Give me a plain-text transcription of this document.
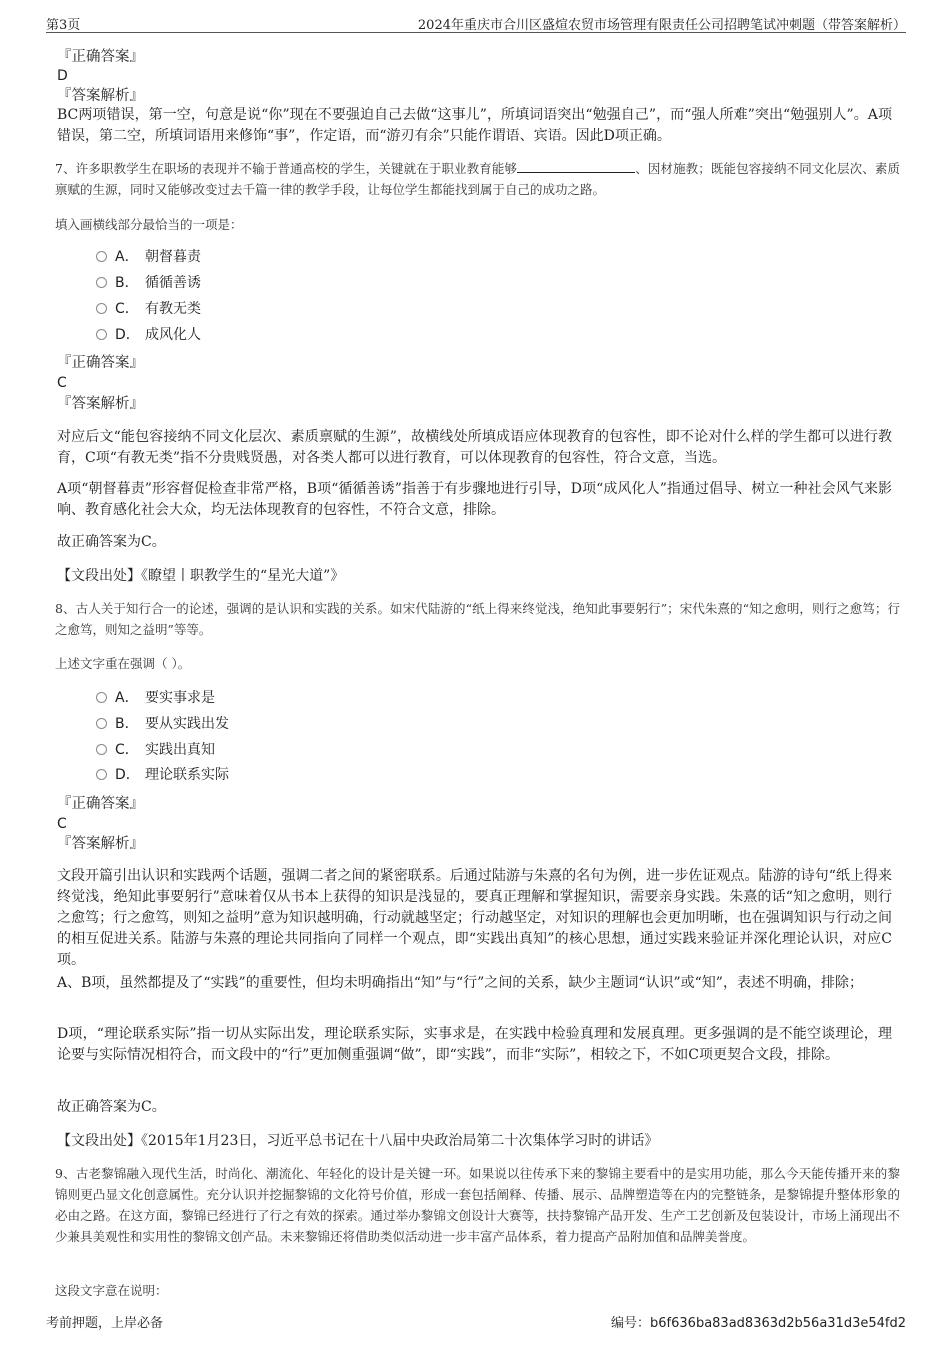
第3页	2024年重庆市合川区盛煊农贸市场管理有限责任公司招聘笔试冲刺题（带答案解析）
『正确答案』
D
『答案解析』
BC两项错误，第一空，句意是说“你”现在不要强迫自己去做“这事儿”，所填词语突出“勉强自己”，而“强人所难”突出“勉强别人”。A项错误，第二空，所填词语用来修饰“事”，作定语，而“游刃有余”只能作谓语、宾语。因此D项正确。
7、许多职教学生在职场的表现并不输于普通高校的学生，关键就在于职业教育能够	、因材施教；既能包容接纳不同文化层次、素质禀赋的生源，同时又能够改变过去千篇一律的教学手段，让每位学生都能找到属于自己的成功之路。
填入画横线部分最恰当的一项是：
A． 朝督暮责
B． 循循善诱
C． 有教无类
D． 成风化人
『正确答案』
C
『答案解析』
对应后文“能包容接纳不同文化层次、素质禀赋的生源”，故横线处所填成语应体现教育的包容性，即不论对什么样的学生都可以进行教育，C项“有教无类”指不分贵贱贤愚，对各类人都可以进行教育，可以体现教育的包容性，符合文意，当选。
A项“朝督暮责”形容督促检查非常严格，B项“循循善诱”指善于有步骤地进行引导，D项“成风化人”指通过倡导、树立一种社会风气来影响、教育感化社会大众，均无法体现教育的包容性，不符合文意，排除。
故正确答案为C。
【文段出处】《瞭望丨职教学生的“星光大道”》
8、古人关于知行合一的论述，强调的是认识和实践的关系。如宋代陆游的“纸上得来终觉浅，绝知此事要躬行”；宋代朱熹的“知之愈明，则行之愈笃；行之愈笃，则知之益明”等等。
上述文字重在强调（ ）。
A． 要实事求是
B． 要从实践出发
C． 实践出真知
D． 理论联系实际
『正确答案』
C
『答案解析』
文段开篇引出认识和实践两个话题，强调二者之间的紧密联系。后通过陆游与朱熹的名句为例，进一步佐证观点。陆游的诗句“纸上得来终觉浅，绝知此事要躬行”意味着仅从书本上获得的知识是浅显的，要真正理解和掌握知识，需要亲身实践。朱熹的话“知之愈明，则行之愈笃；行之愈笃，则知之益明”意为知识越明确，行动就越坚定；行动越坚定，对知识的理解也会更加明晰，也在强调知识与行动之间的相互促进关系。陆游与朱熹的理论共同指向了同样一个观点，即“实践出真知”的核心思想，通过实践来验证并深化理论认识，对应C项。
A、B项，虽然都提及了“实践”的重要性，但均未明确指出“知”与“行”之间的关系，缺少主题词“认识”或“知”，表述不明确，排除；
D项，“理论联系实际”指一切从实际出发，理论联系实际，实事求是，在实践中检验真理和发展真理。更多强调的是不能空谈理论，理论要与实际情况相符合，而文段中的“行”更加侧重强调“做”，即“实践”，而非“实际”，相较之下，不如C项更契合文段，排除。
故正确答案为C。
【文段出处】《2015年1月23日，习近平总书记在十八届中央政治局第二十次集体学习时的讲话》
9、古老黎锦融入现代生活，时尚化、潮流化、年轻化的设计是关键一环。如果说以往传承下来的黎锦主要看中的是实用功能，那么今天能传播开来的黎锦则更凸显文化创意属性。充分认识并挖掘黎锦的文化符号价值，形成一套包括阐释、传播、展示、品牌塑造等在内的完整链条，是黎锦提升整体形象的必由之路。在这方面，黎锦已经进行了行之有效的探索。通过举办黎锦文创设计大赛等，扶持黎锦产品开发、生产工艺创新及包装设计，市场上涌现出不少兼具美观性和实用性的黎锦文创产品。未来黎锦还将借助类似活动进一步丰富产品体系，着力提高产品附加值和品牌美誉度。
这段文字意在说明：
考前押题，上岸必备	编号：b6f636ba83ad8363d2b56a31d3e54fd2
